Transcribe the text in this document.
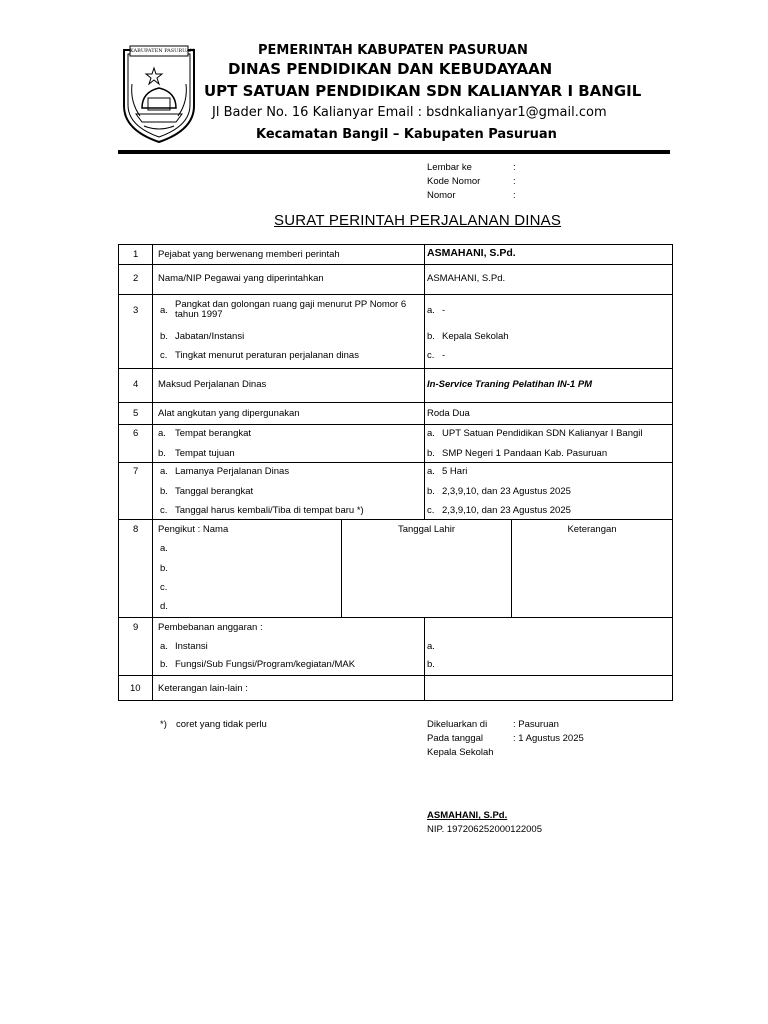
KABUPATEN PASURUAN	PEMERINTAH KABUPATEN PASURUAN
DINAS PENDIDIKAN DAN KEBUDAYAAN
UPT SATUAN PENDIDIKAN SDN KALIANYAR I BANGIL
Jl Bader No. 16 Kalianyar Email : bsdnkalianyar1@gmail.com
Kecamatan Bangil – Kabupaten Pasuruan
Lembar ke	:
Kode Nomor	:
Nomor	:
SURAT PERINTAH PERJALANAN DINAS
1 Pejabat yang berwenang memberi perintah	ASMAHANI, S.Pd.
2 Nama/NIP Pegawai yang diperintahkan	ASMAHANI, S.Pd.
3 a.
Pangkat dan golongan ruang gaji menurut PP Nomor 6
tahun 1997	a. -
b. Jabatan/Instansi	b. Kepala Sekolah
c. Tingkat menurut peraturan perjalanan dinas	c. -
4 Maksud Perjalanan Dinas	In-Service Traning Pelatihan IN-1 PM
5 Alat angkutan yang dipergunakan	Roda Dua
6 a. Tempat berangkat	a. UPT Satuan Pendidikan SDN Kalianyar I Bangil
b. Tempat tujuan	b. SMP Negeri 1 Pandaan Kab. Pasuruan
7 a. Lamanya Perjalanan Dinas	a. 5 Hari
b. Tanggal berangkat	b. 2,3,9,10, dan 23 Agustus 2025
c. Tanggal harus kembali/Tiba di tempat baru *)	c. 2,3,9,10, dan 23 Agustus 2025
8 Pengikut : Nama	Tanggal Lahir	Keterangan
a.
b.
c.
d.
9 Pembebanan anggaran :
a. Instansi	a.
b. Fungsi/Sub Fungsi/Program/kegiatan/MAK	b.
10 Keterangan lain-lain :
*) coret yang tidak perlu	Dikeluarkan di	: Pasuruan
Pada tanggal	: 1 Agustus 2025
Kepala Sekolah
ASMAHANI, S.Pd.
NIP. 197206252000122005
